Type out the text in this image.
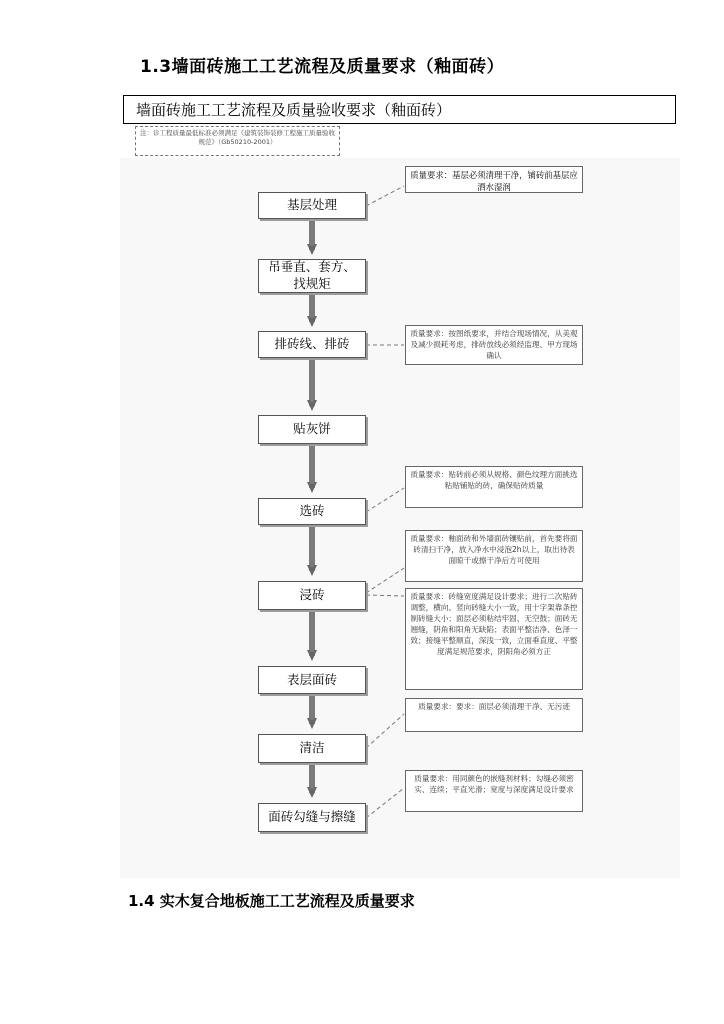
1.3墙面砖施工工艺流程及质量要求（釉面砖）
墙面砖施工工艺流程及质量验收要求（釉面砖）
注：诊工程质量最低标准必须满足《建筑装饰装修工程施工质量验收规范》（Gb50210-2001）
基层处理
吊垂直、套方、找规矩
排砖线、排砖
贴灰饼
选砖
浸砖
表层面砖
清洁
面砖勾缝与擦缝
质量要求：基层必须清理干净，铺砖前基层应洒水湿润
质量要求：按图纸要求，并结合现场情况，从美观及减少损耗考虑，排砖放线必须经监理、甲方现场确认
质量要求：贴砖前必须从规格、颜色纹理方面挑选粘贴铺贴的砖，确保贴砖质量
质量要求：釉面砖和外墙面砖镶贴前，首先要将面砖清扫干净，放入净水中浸泡2h以上，取出待表面晾干或擦干净后方可使用
质量要求：砖缝宽度满足设计要求；进行二次贴砖调整，横向、竖向砖缝大小一致，用十字架靠条控制砖缝大小；面层必须粘结牢固、无空鼓；面砖无翘缝，阴角和阳角无缺陷；表面平整洁净、色泽一致；接缝平整顺直，深浅一致，立面垂直度、平整度满足规范要求，阴阳角必须方正
质量要求：要求：面层必须清理干净、无污迹
质量要求：用同颜色的嵌缝剂材料；勾缝必须密实、连续；平直光滑；宽度与深度满足设计要求
1.4 实木复合地板施工工艺流程及质量要求
